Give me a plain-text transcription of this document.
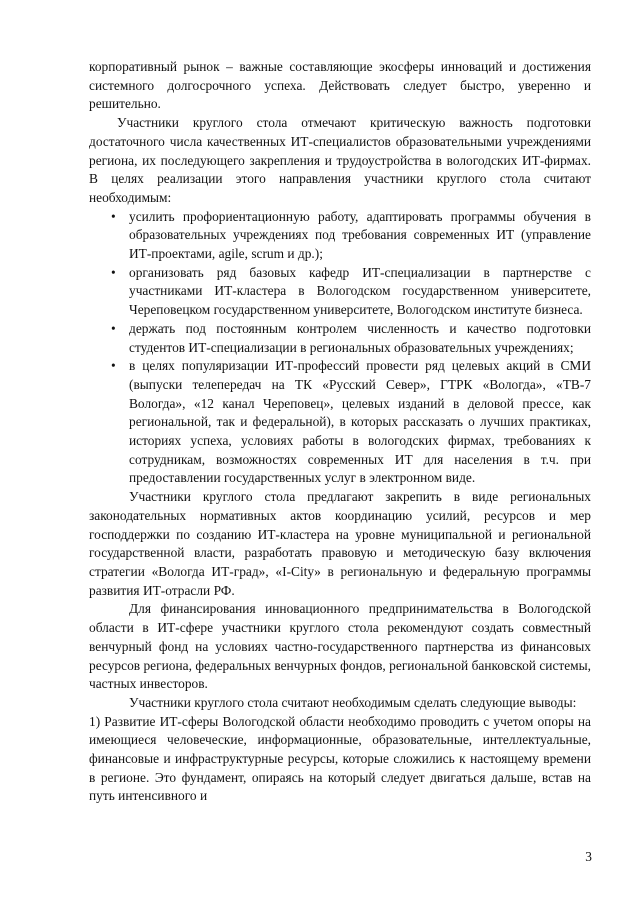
корпоративный рынок – важные составляющие экосферы инноваций и достижения системного долгосрочного успеха. Действовать следует быстро, уверенно и решительно.

Участники круглого стола отмечают критическую важность подготовки достаточного числа качественных ИТ-специалистов образовательными учреждениями региона, их последующего закрепления и трудоустройства в вологодских ИТ-фирмах. В целях реализации этого направления участники круглого стола считают необходимым:

• усилить профориентационную работу, адаптировать программы обучения в образовательных учреждениях под требования современных ИТ (управление ИТ-проектами, agile, scrum и др.);
• организовать ряд базовых кафедр ИТ-специализации в партнерстве с участниками ИТ-кластера в Вологодском государственном университете, Череповецком государственном университете, Вологодском институте бизнеса.
• держать под постоянным контролем численность и качество подготовки студентов ИТ-специализации в региональных образовательных учреждениях;
• в целях популяризации ИТ-профессий провести ряд целевых акций в СМИ (выпуски телепередач на ТК «Русский Север», ГТРК «Вологда», «ТВ-7 Вологда», «12 канал Череповец», целевых изданий в деловой прессе, как региональной, так и федеральной), в которых рассказать о лучших практиках, историях успеха, условиях работы в вологодских фирмах, требованиях к сотрудникам, возможностях современных ИТ для населения в т.ч. при предоставлении государственных услуг в электронном виде.

Участники круглого стола предлагают закрепить в виде региональных законодательных нормативных актов координацию усилий, ресурсов и мер господдержки по созданию ИТ-кластера на уровне муниципальной и региональной государственной власти, разработать правовую и методическую базу включения стратегии «Вологда ИТ-град», «I-City» в региональную и федеральную программы развития ИТ-отрасли РФ.

Для финансирования инновационного предпринимательства в Вологодской области в ИТ-сфере участники круглого стола рекомендуют создать совместный венчурный фонд на условиях частно-государственного партнерства из финансовых ресурсов региона, федеральных венчурных фондов, региональной банковской системы, частных инвесторов.

Участники круглого стола считают необходимым сделать следующие выводы:

1) Развитие ИТ-сферы Вологодской области необходимо проводить с учетом опоры на имеющиеся человеческие, информационные, образовательные, интеллектуальные, финансовые и инфраструктурные ресурсы, которые сложились к настоящему времени в регионе. Это фундамент, опираясь на который следует двигаться дальше, встав на путь интенсивного и

3
